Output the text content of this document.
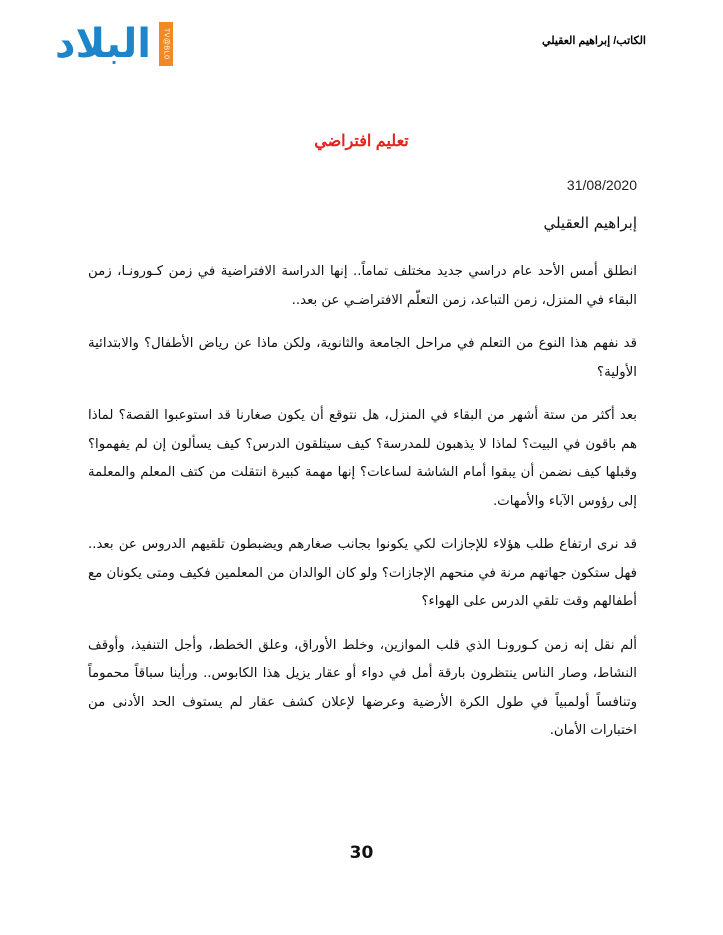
البلاد	TV@BL0	الكاتب/ إبراهيم العقيلي
تعليم افتراضي
31/08/2020
إبراهيم العقيلي

انطلق أمس الأحد عام دراسي جديد مختلف تماماً.. إنها الدراسة الافتراضية في زمن كـورونـا، زمن البقاء في المنزل، زمن التباعد، زمن التعلّم الافتراضـي عن بعد..

قد نفهم هذا النوع من التعلم في مراحل الجامعة والثانوية، ولكن ماذا عن رياض الأطفال؟ والابتدائية الأولية؟

بعد أكثر من ستة أشهر من البقاء في المنزل، هل نتوقع أن يكون صغارنا قد استوعبوا القصة؟ لماذا هم باقون في البيت؟ لماذا لا يذهبون للمدرسة؟ كيف سيتلقون الدرس؟ كيف يسألون إن لم يفهموا؟ وقبلها كيف نضمن أن يبقوا أمام الشاشة لساعات؟ إنها مهمة كبيرة انتقلت من كتف المعلم والمعلمة إلى رؤوس الآباء والأمهات.

قد نرى ارتفاع طلب هؤلاء للإجازات لكي يكونوا بجانب صغارهم ويضبطون تلقيهم الدروس عن بعد.. فهل ستكون جهاتهم مرنة في منحهم الإجازات؟ ولو كان الوالدان من المعلمين فكيف ومتى يكونان مع أطفالهم وقت تلقي الدرس على الهواء؟

ألم نقل إنه زمن كـورونـا الذي قلب الموازين، وخلط الأوراق، وعلق الخطط، وأجل التنفيذ، وأوقف النشاط، وصار الناس ينتظرون بارقة أمل في دواء أو عقار يزيل هذا الكابوس.. ورأينا سباقاً محموماً وتنافساً أولمبياً في طول الكرة الأرضية وعرضها لإعلان كشف عقار لم يستوف الحد الأدنى من اختبارات الأمان.

30
